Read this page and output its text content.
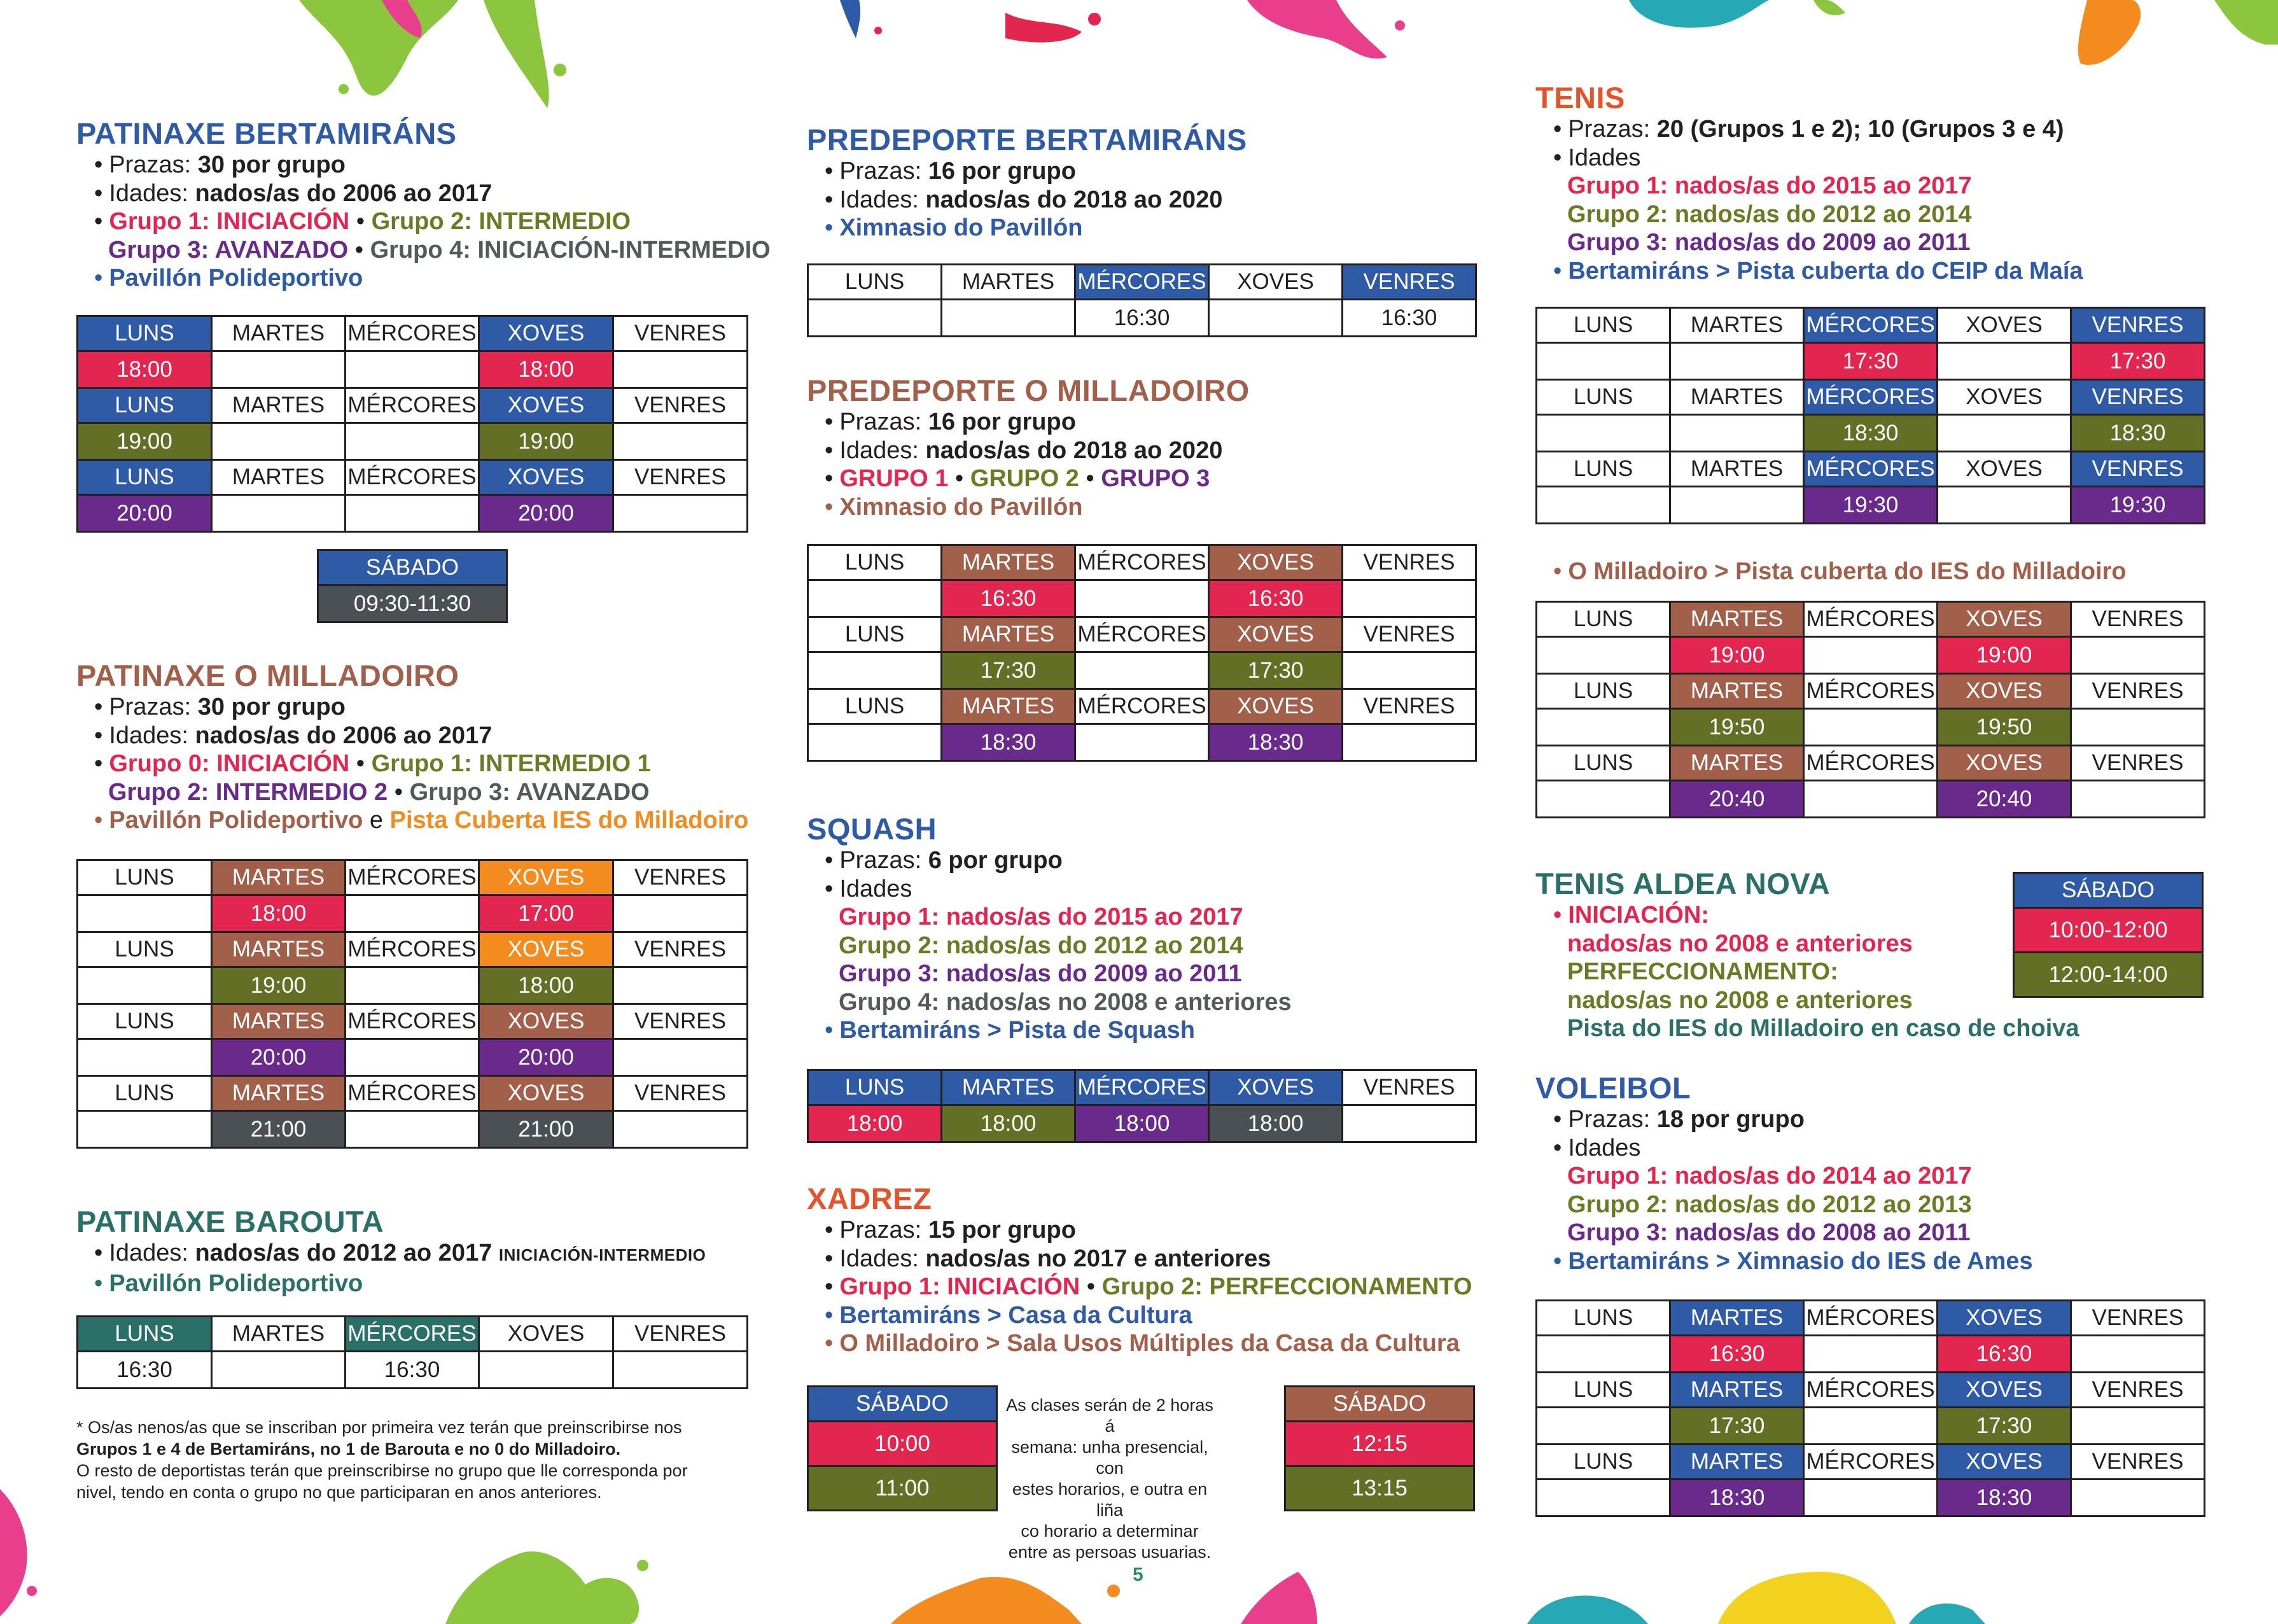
PATINAXE BERTAMIRÁNS
• Prazas: 30 por grupo
• Idades: nados/as do 2006 ao 2017
• Grupo 1: INICIACIÓN • Grupo 2: INTERMEDIO
Grupo 3: AVANZADO • Grupo 4: INICIACIÓN-INTERMEDIO
• Pavillón Polideportivo
LUNS	MARTES	MÉRCORES	XOVES	VENRES
18:00			18:00	
LUNS	MARTES	MÉRCORES	XOVES	VENRES
19:00			19:00	
LUNS	MARTES	MÉRCORES	XOVES	VENRES
20:00			20:00	
SÁBADO
09:30-11:30
PATINAXE O MILLADOIRO
• Prazas: 30 por grupo
• Idades: nados/as do 2006 ao 2017
• Grupo 0: INICIACIÓN • Grupo 1: INTERMEDIO 1
Grupo 2: INTERMEDIO 2 • Grupo 3: AVANZADO
• Pavillón Polideportivo e Pista Cuberta IES do Milladoiro
LUNS	MARTES	MÉRCORES	XOVES	VENRES
	18:00		17:00	
LUNS	MARTES	MÉRCORES	XOVES	VENRES
	19:00		18:00	
LUNS	MARTES	MÉRCORES	XOVES	VENRES
	20:00		20:00	
LUNS	MARTES	MÉRCORES	XOVES	VENRES
	21:00		21:00	
PATINAXE BAROUTA
• Idades: nados/as do 2012 ao 2017 INICIACIÓN-INTERMEDIO
• Pavillón Polideportivo
LUNS	MARTES	MÉRCORES	XOVES	VENRES
16:30		16:30		
* Os/as nenos/as que se inscriban por primeira vez terán que preinscribirse nos
Grupos 1 e 4 de Bertamiráns, no 1 de Barouta e no 0 do Milladoiro.
O resto de deportistas terán que preinscribirse no grupo que lle corresponda por
nivel, tendo en conta o grupo no que participaran en anos anteriores.
PREDEPORTE BERTAMIRÁNS
• Prazas: 16 por grupo
• Idades: nados/as do 2018 ao 2020
• Ximnasio do Pavillón
LUNS	MARTES	MÉRCORES	XOVES	VENRES
		16:30		16:30
PREDEPORTE O MILLADOIRO
• Prazas: 16 por grupo
• Idades: nados/as do 2018 ao 2020
• GRUPO 1 • GRUPO 2 • GRUPO 3
• Ximnasio do Pavillón
LUNS	MARTES	MÉRCORES	XOVES	VENRES
	16:30		16:30	
LUNS	MARTES	MÉRCORES	XOVES	VENRES
	17:30		17:30	
LUNS	MARTES	MÉRCORES	XOVES	VENRES
	18:30		18:30	
SQUASH
• Prazas: 6 por grupo
• Idades
Grupo 1: nados/as do 2015 ao 2017
Grupo 2: nados/as do 2012 ao 2014
Grupo 3: nados/as do 2009 ao 2011
Grupo 4: nados/as no 2008 e anteriores
• Bertamiráns > Pista de Squash
LUNS	MARTES	MÉRCORES	XOVES	VENRES
18:00	18:00	18:00	18:00	
XADREZ
• Prazas: 15 por grupo
• Idades: nados/as no 2017 e anteriores
• Grupo 1: INICIACIÓN • Grupo 2: PERFECCIONAMENTO
• Bertamiráns > Casa da Cultura
• O Milladoiro > Sala Usos Múltiples da Casa da Cultura
SÁBADO
10:00
11:00
As clases serán de 2 horas á
semana: unha presencial, con
estes horarios, e outra en liña
co horario a determinar
entre as persoas usuarias.
SÁBADO
12:15
13:15
5
TENIS
• Prazas: 20 (Grupos 1 e 2); 10 (Grupos 3 e 4)
• Idades
Grupo 1: nados/as do 2015 ao 2017
Grupo 2: nados/as do 2012 ao 2014
Grupo 3: nados/as do 2009 ao 2011
• Bertamiráns > Pista cuberta do CEIP da Maía
LUNS	MARTES	MÉRCORES	XOVES	VENRES
		17:30		17:30
LUNS	MARTES	MÉRCORES	XOVES	VENRES
		18:30		18:30
LUNS	MARTES	MÉRCORES	XOVES	VENRES
		19:30		19:30
• O Milladoiro > Pista cuberta do IES do Milladoiro
LUNS	MARTES	MÉRCORES	XOVES	VENRES
	19:00		19:00	
LUNS	MARTES	MÉRCORES	XOVES	VENRES
	19:50		19:50	
LUNS	MARTES	MÉRCORES	XOVES	VENRES
	20:40		20:40	
TENIS ALDEA NOVA
• INICIACIÓN:
nados/as no 2008 e anteriores
PERFECCIONAMENTO:
nados/as no 2008 e anteriores
Pista do IES do Milladoiro en caso de choiva
SÁBADO
10:00-12:00
12:00-14:00
VOLEIBOL
• Prazas: 18 por grupo
• Idades
Grupo 1: nados/as do 2014 ao 2017
Grupo 2: nados/as do 2012 ao 2013
Grupo 3: nados/as do 2008 ao 2011
• Bertamiráns > Ximnasio do IES de Ames
LUNS	MARTES	MÉRCORES	XOVES	VENRES
	16:30		16:30	
LUNS	MARTES	MÉRCORES	XOVES	VENRES
	17:30		17:30	
LUNS	MARTES	MÉRCORES	XOVES	VENRES
	18:30		18:30	
